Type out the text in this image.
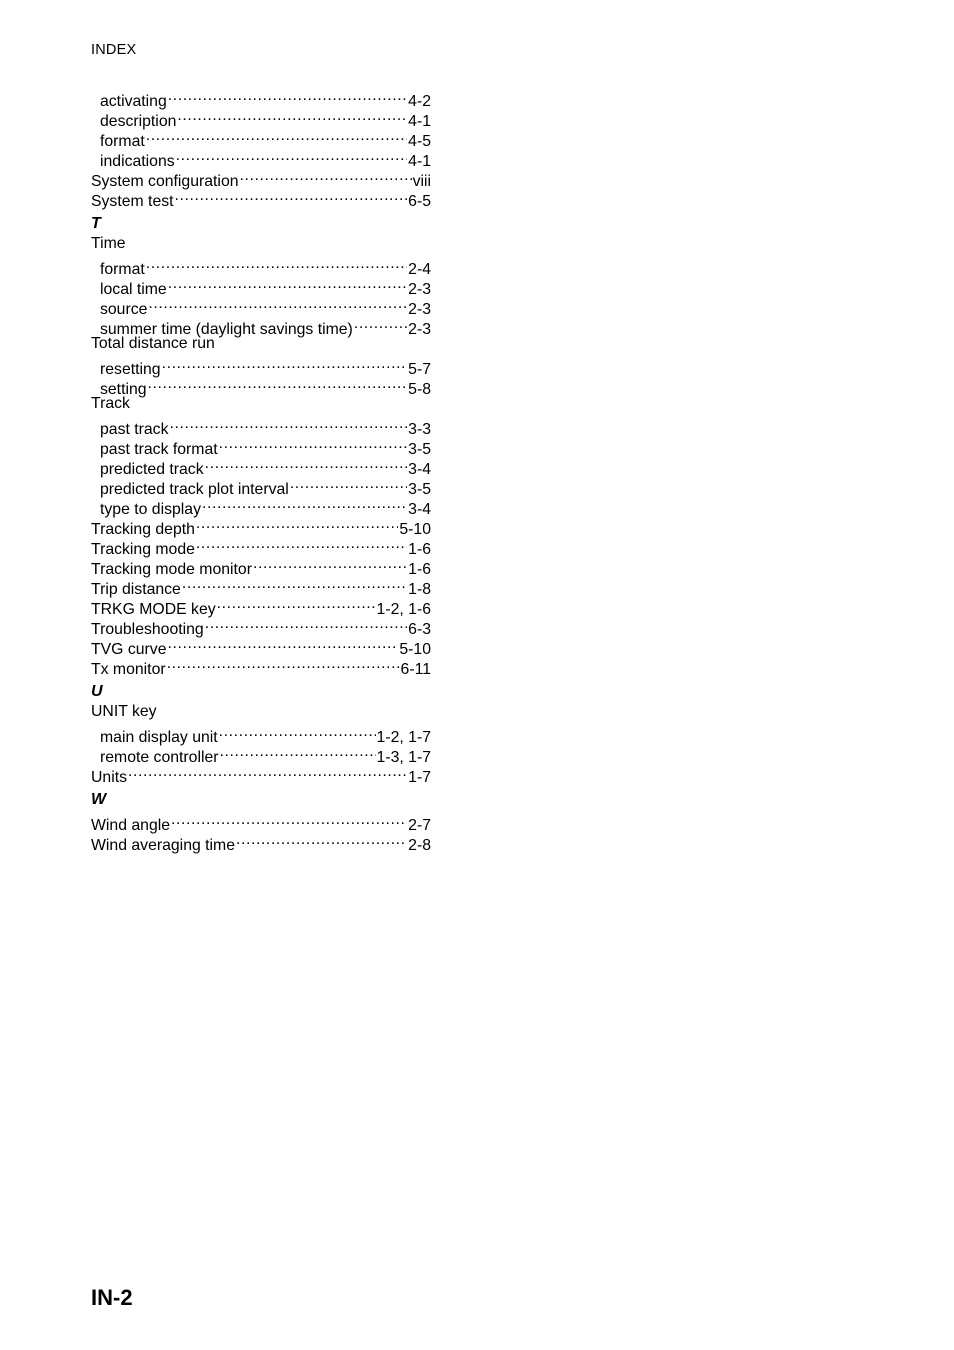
INDEX
activating .....	4-2
description .....	4-1
format .....	4-5
indications .....	4-1
System configuration .....	viii
System test .....	6-5
T
Time
format .....	2-4
local time .....	2-3
source .....	2-3
summer time (daylight savings time) .....	2-3
Total distance run
resetting .....	5-7
setting .....	5-8
Track
past track .....	3-3
past track format .....	3-5
predicted track .....	3-4
predicted track plot interval .....	3-5
type to display .....	3-4
Tracking depth .....	5-10
Tracking mode .....	1-6
Tracking mode monitor .....	1-6
Trip distance .....	1-8
TRKG MODE key .....	1-2, 1-6
Troubleshooting .....	6-3
TVG curve .....	5-10
Tx monitor .....	6-11
U
UNIT key
main display unit .....	1-2, 1-7
remote controller .....	1-3, 1-7
Units .....	1-7
W
Wind angle .....	2-7
Wind averaging time .....	2-8
IN-2
